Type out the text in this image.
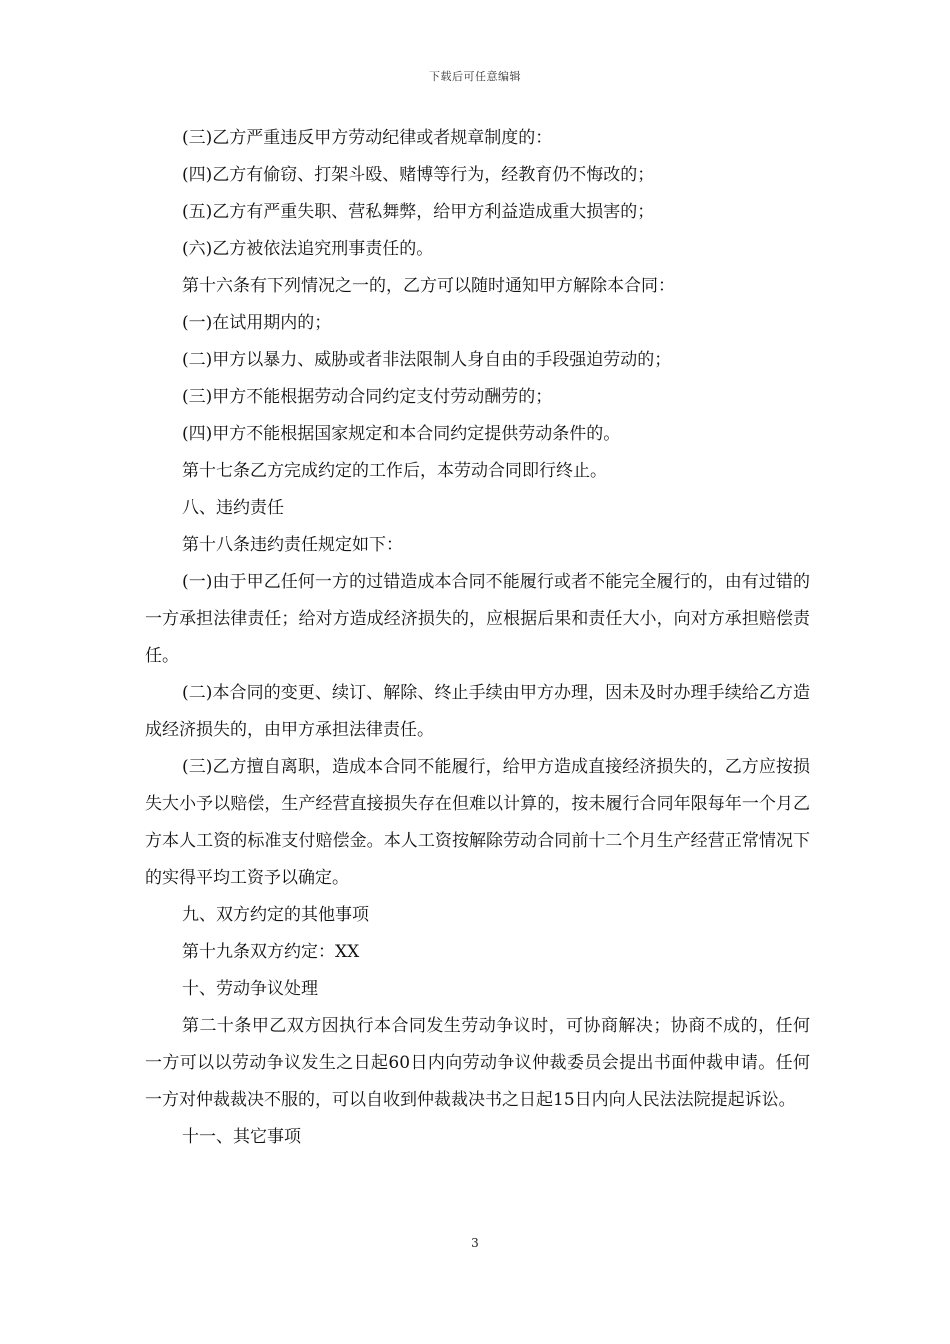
下载后可任意编辑

(三)乙方严重违反甲方劳动纪律或者规章制度的：

(四)乙方有偷窃、打架斗殴、赌博等行为，经教育仍不悔改的；

(五)乙方有严重失职、营私舞弊，给甲方利益造成重大损害的；

(六)乙方被依法追究刑事责任的。

第十六条有下列情况之一的，乙方可以随时通知甲方解除本合同：

(一)在试用期内的；

(二)甲方以暴力、威胁或者非法限制人身自由的手段强迫劳动的；

(三)甲方不能根据劳动合同约定支付劳动酬劳的；

(四)甲方不能根据国家规定和本合同约定提供劳动条件的。

第十七条乙方完成约定的工作后，本劳动合同即行终止。

八、违约责任

第十八条违约责任规定如下：

(一)由于甲乙任何一方的过错造成本合同不能履行或者不能完全履行的，由有过错的一方承担法律责任；给对方造成经济损失的，应根据后果和责任大小，向对方承担赔偿责任。

(二)本合同的变更、续订、解除、终止手续由甲方办理，因未及时办理手续给乙方造成经济损失的，由甲方承担法律责任。

(三)乙方擅自离职，造成本合同不能履行，给甲方造成直接经济损失的，乙方应按损失大小予以赔偿，生产经营直接损失存在但难以计算的，按未履行合同年限每年一个月乙方本人工资的标准支付赔偿金。本人工资按解除劳动合同前十二个月生产经营正常情况下的实得平均工资予以确定。

九、双方约定的其他事项

第十九条双方约定：XX

十、劳动争议处理

第二十条甲乙双方因执行本合同发生劳动争议时，可协商解决；协商不成的，任何一方可以以劳动争议发生之日起60日内向劳动争议仲裁委员会提出书面仲裁申请。任何一方对仲裁裁决不服的，可以自收到仲裁裁决书之日起15日内向人民法法院提起诉讼。

十一、其它事项

3
